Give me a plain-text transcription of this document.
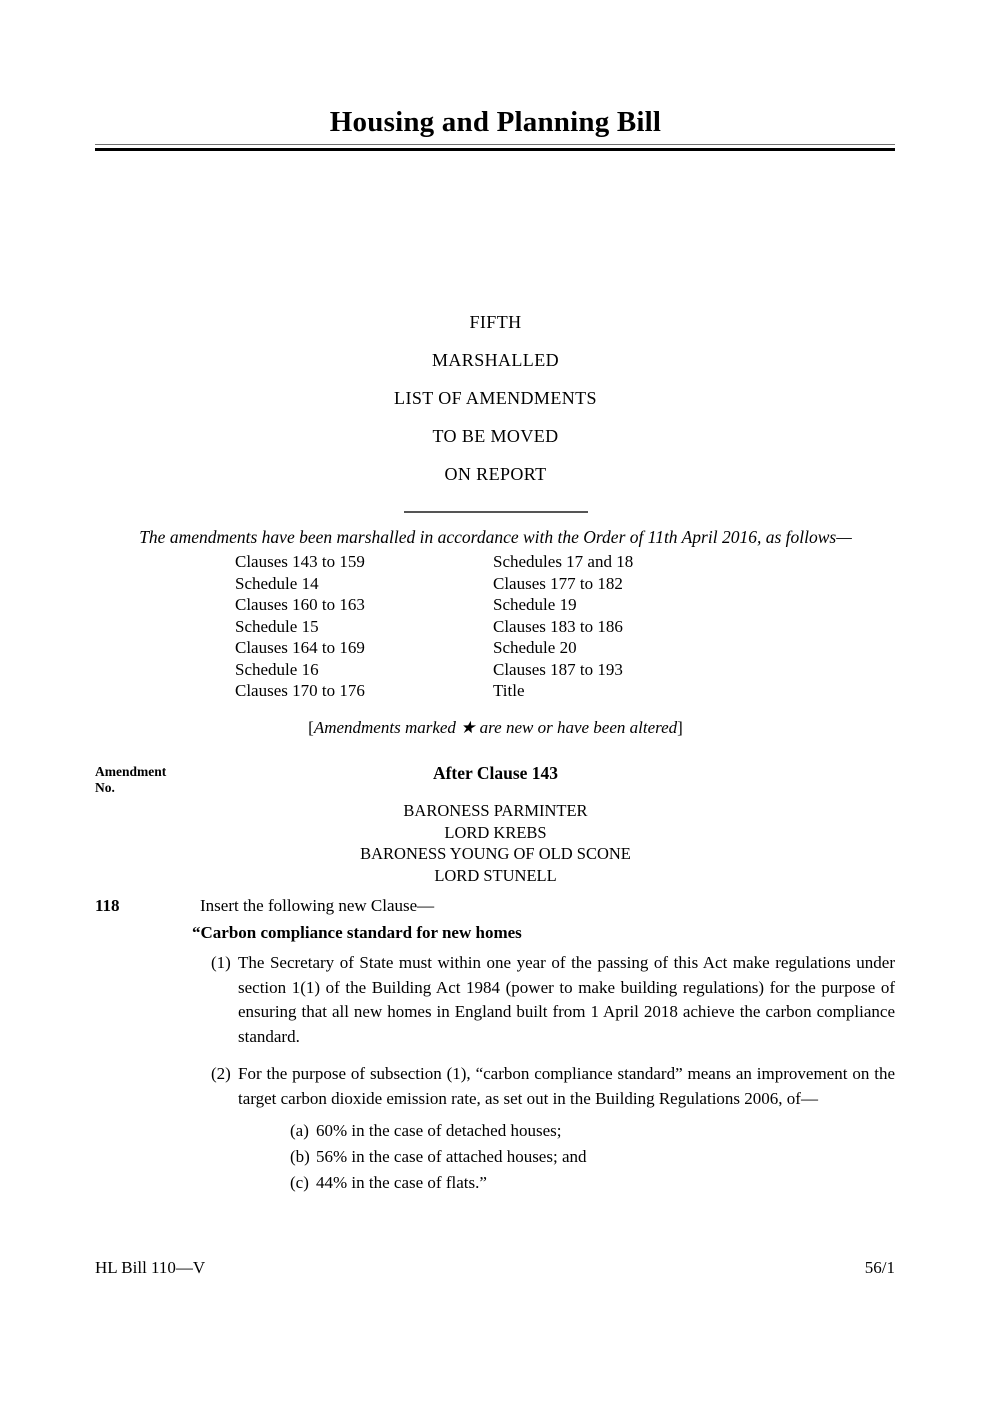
Housing and Planning Bill
FIFTH
MARSHALLED
LIST OF AMENDMENTS
TO BE MOVED
ON REPORT

The amendments have been marshalled in accordance with the Order of 11th April 2016, as follows—

Clauses 143 to 159
Schedule 14
Clauses 160 to 163
Schedule 15
Clauses 164 to 169
Schedule 16
Clauses 170 to 176
Schedules 17 and 18
Clauses 177 to 182
Schedule 19
Clauses 183 to 186
Schedule 20
Clauses 187 to 193
Title

[Amendments marked ★ are new or have been altered]

Amendment
No.
After Clause 143
BARONESS PARMINTER
LORD KREBS
BARONESS YOUNG OF OLD SCONE
LORD STUNELL
118	Insert the following new Clause—
“Carbon compliance standard for new homes
(1) The Secretary of State must within one year of the passing of this Act make regulations under section 1(1) of the Building Act 1984 (power to make building regulations) for the purpose of ensuring that all new homes in England built from 1 April 2018 achieve the carbon compliance standard.
(2) For the purpose of subsection (1), “carbon compliance standard” means an improvement on the target carbon dioxide emission rate, as set out in the Building Regulations 2006, of—
(a) 60% in the case of detached houses;
(b) 56% in the case of attached houses; and
(c) 44% in the case of flats.”
HL Bill 110—V	56/1
